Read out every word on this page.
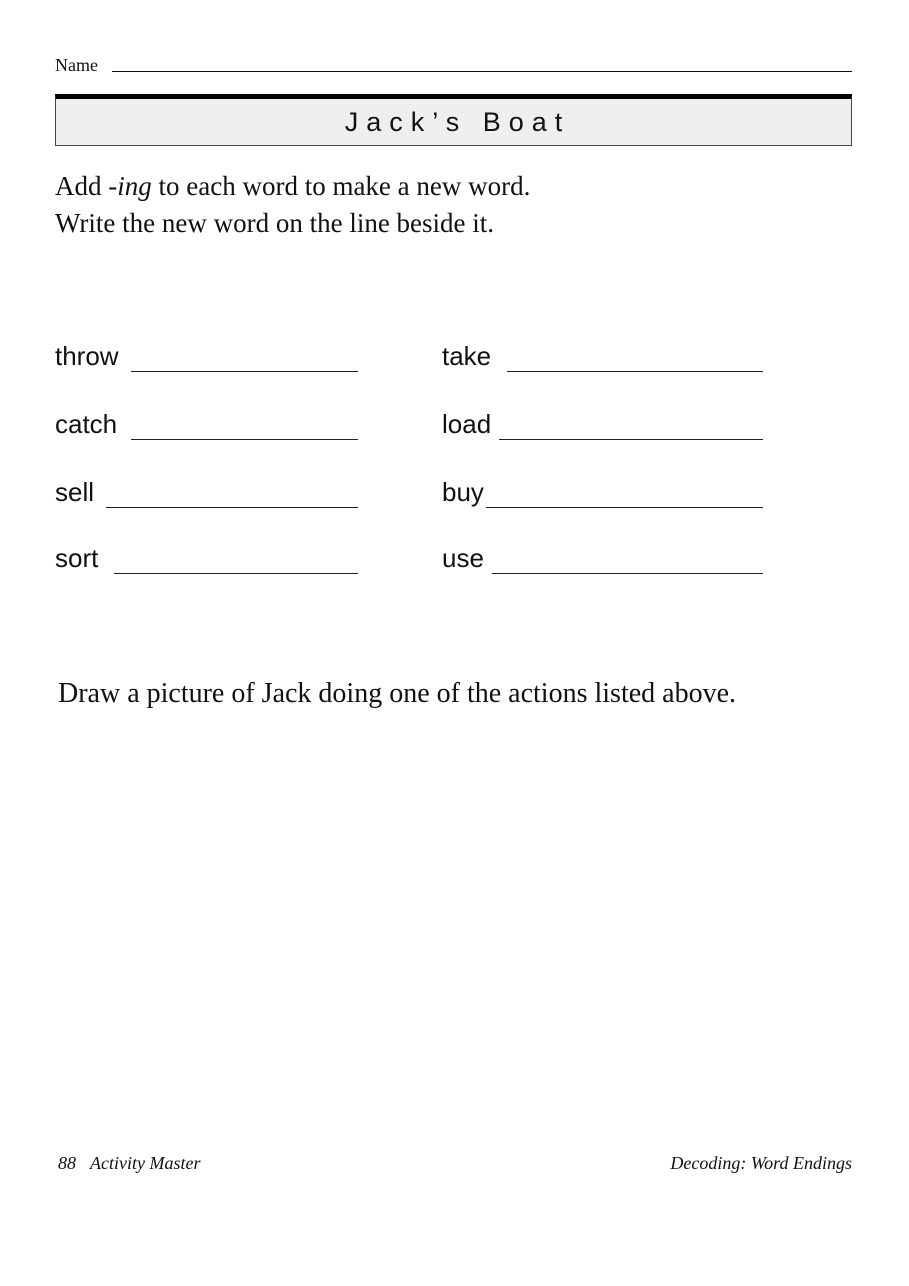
Name
Jack’s Boat

Add -ing to each word to make a new word.

Write the new word on the line beside it.

throw
catch
sell
sort
take
load
buy
use
Draw a picture of Jack doing one of the actions listed above.
88 Activity Master	Decoding: Word Endings
